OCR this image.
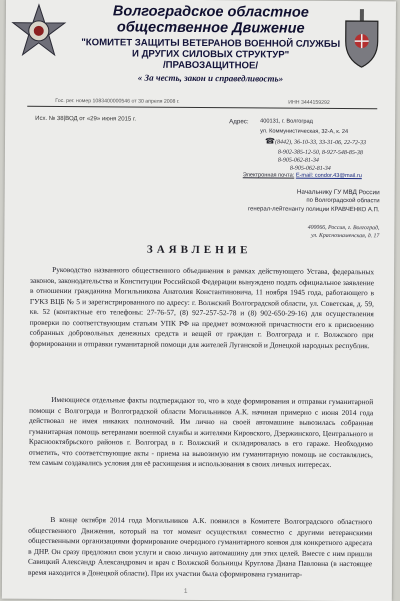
Волгоградское областное
общественное Движение
"КОМИТЕТ ЗАЩИТЫ ВЕТЕРАНОВ ВОЕННОЙ СЛУЖБЫ
И ДРУГИХ СИЛОВЫХ СТРУКТУР"
/ПРАВОЗАЩИТНОЕ/
« За честь, закон и справедливость»
Гос. рег. номер 1083400000546 от 30 апреля 2008 г.	ИНН 3444159292
Исх. № 38|ВОД от «29» июня 2015 г.	Адрес: 400131, г. Волгоград
ул. Коммунистическая, 32-А, к. 24
☎ (8442), 36-10-33, 33-31-06, 22-72-33
8-902-385-12-50, 8-927-548-85-38
8-905-062-81-34
8-905-062-81-34
Электронная почта: E-mail: condor.43@mail.ru
Начальнику ГУ МВД России
по Волгоградской области
генерал-лейтенанту полиции КРАВЧЕНКО А.П.
400066, Россия, г. Волгоград,
ул. Краснознаменская, д. 17
ЗАЯВЛЕНИЕ
Руководство названного общественного объединения в рамках действующего Устава, федеральных законов, законодательства и Конституции Российской Федерации вынуждено подать официальное заявление в отношении гражданина Могильникова Анатолия Константиновича, 11 ноября 1945 года, работающего в ГУКЗ ВЦБ № 5 и зарегистрированного по адресу: г. Волжский Волгоградской области, ул. Советская, д. 59, кв. 52 (контактные его телефоны: 27-76-57, (8) 927-257-52-78 и (8) 902-650-29-16) для осуществления проверки по соответствующим статьям УПК РФ на предмет возможной причастности его к присвоению собранных добровольных денежных средств и вещей от граждан г. Волгограда и г. Волжского при формировании и отправки гуманитарной помощи для жителей Луганской и Донецкой народных республик.
Имеющиеся отдельные факты подтверждают то, что в ходе формирования и отправки гуманитарной помощи с Волгограда и Волгоградской области Могильников А.К. начиная примерно с июня 2014 года действовал не имея никаких полномочий. Им лично на своей автомашине вывозилась собранная гуманитарная помощь ветеранами военной службы и жителями Кировского, Дзержинского, Центрального и Краснооктябрьского районов г. Волгоград в г. Волжский и складировалась в его гараже. Необходимо отметить, что соответствующие акты - приема на вывозимую им гуманитарную помощь не составлялись, тем самым создавались условия для её расхищения и использования в своих личных интересах.
В конце октября 2014 года Могильников А.К. появился в Комитете Волгоградского областного общественного Движения, который на тот момент осуществлял совместно с другими ветеранскими общественными организациями формирование очередного гуманитарного конвоя для конкретного адресата в ДНР. Он сразу предложил свои услуги и свою личную автомашину для этих целей. Вместе с ним пришли Савицкий Александр Александрович и врач с Волжской больницы Круглова Диана Павловна (в настоящее время находится в Донецкой области). При их участии была сформирована гуманитар-
1
